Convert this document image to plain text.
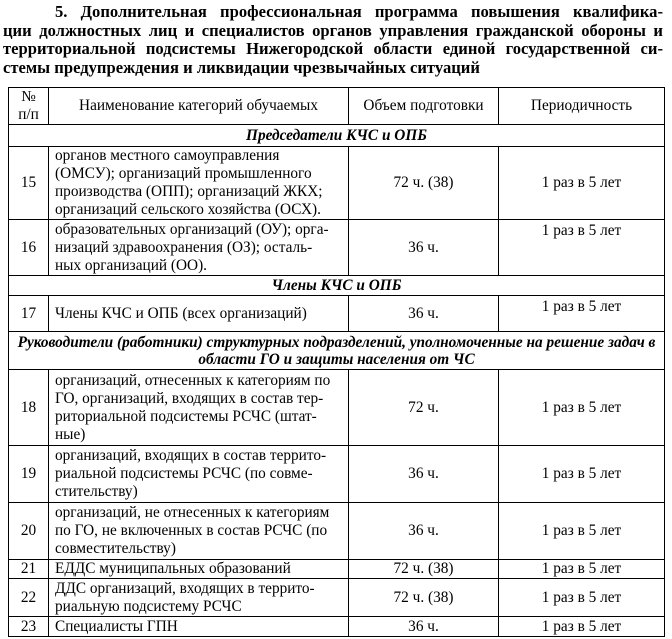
5. Дополнительная профессиональная программа повышения квалифика-
ции должностных лиц и специалистов органов управления гражданской обороны и
территориальной подсистемы Нижегородской области единой государственной си-
стемы предупреждения и ликвидации чрезвычайных ситуаций
№
п/п	Наименование категорий обучаемых	Объем подготовки	Периодичность
Председатели КЧС и ОПБ			
15	органов местного самоуправления
(ОМСУ); организаций промышленного
производства (ОПП); организаций ЖКХ;
организаций сельского хозяйства (ОСХ).	72 ч. (38)	1 раз в 5 лет
16	образовательных организаций (ОУ); орга-
низаций здравоохранения (ОЗ); осталь-
ных организаций (ОО).	36 ч.	1 раз в 5 лет
Члены КЧС и ОПБ			
17	Члены КЧС и ОПБ (всех организаций)	36 ч.	1 раз в 5 лет
Руководители (работники) структурных подразделений, уполномоченные на решение задач в области ГО и защиты населения от ЧС			
18	организаций, отнесенных к категориям по
ГО, организаций, входящих в состав тер-
риториальной подсистемы РСЧС (штат-
ные)	72 ч.	1 раз в 5 лет
19	организаций, входящих в состав террито-
риальной подсистемы РСЧС (по совме-
стительству)	36 ч.	1 раз в 5 лет
20	организаций, не отнесенных к категориям
по ГО, не включенных в состав РСЧС (по
совместительству)	36 ч.	1 раз в 5 лет
21	ЕДДС муниципальных образований	72 ч. (38)	1 раз в 5 лет
22	ДДС организаций, входящих в террито-
риальную подсистему РСЧС	72 ч. (38)	1 раз в 5 лет
23	Специалисты ГПН	36 ч.	1 раз в 5 лет
